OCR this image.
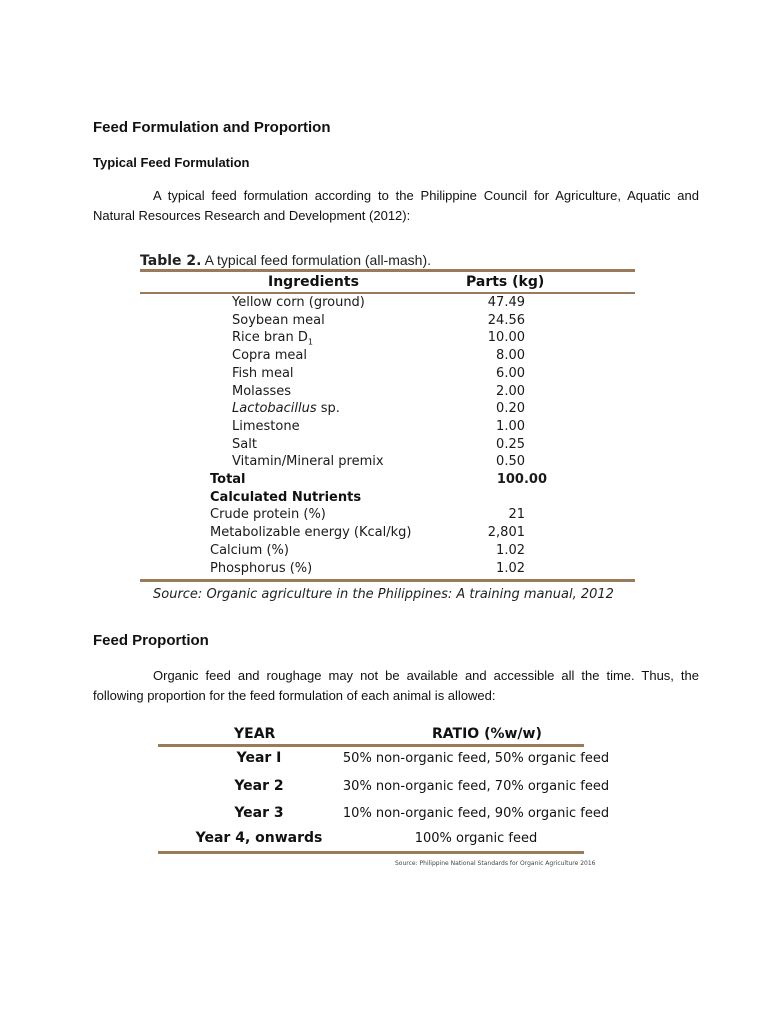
Feed Formulation and Proportion
Typical Feed Formulation
A typical feed formulation according to the Philippine Council for Agriculture, Aquatic and Natural Resources Research and Development (2012):
Table 2. A typical feed formulation (all-mash).
Ingredients	Parts (kg)
Yellow corn (ground)	47.49
Soybean meal	24.56
Rice bran $D_1$	10.00
Copra meal	8.00
Fish meal	6.00
Molasses	2.00
Lactobacillus sp.	0.20
Limestone	1.00
Salt	0.25
Vitamin/Mineral premix	0.50
Total	100.00
Calculated Nutrients
Crude protein (%)	21
Metabolizable energy (Kcal/kg)	2,801
Calcium (%)	1.02
Phosphorus (%)	1.02
Source: Organic agriculture in the Philippines: A training manual, 2012
Feed Proportion
Organic feed and roughage may not be available and accessible all the time. Thus, the following proportion for the feed formulation of each animal is allowed:
YEAR	RATIO (%w/w)
Year I	50% non-organic feed, 50% organic feed
Year 2	30% non-organic feed, 70% organic feed
Year 3	10% non-organic feed, 90% organic feed
Year 4, onwards	100% organic feed
Source: Philippine National Standards for Organic Agriculture 2016
